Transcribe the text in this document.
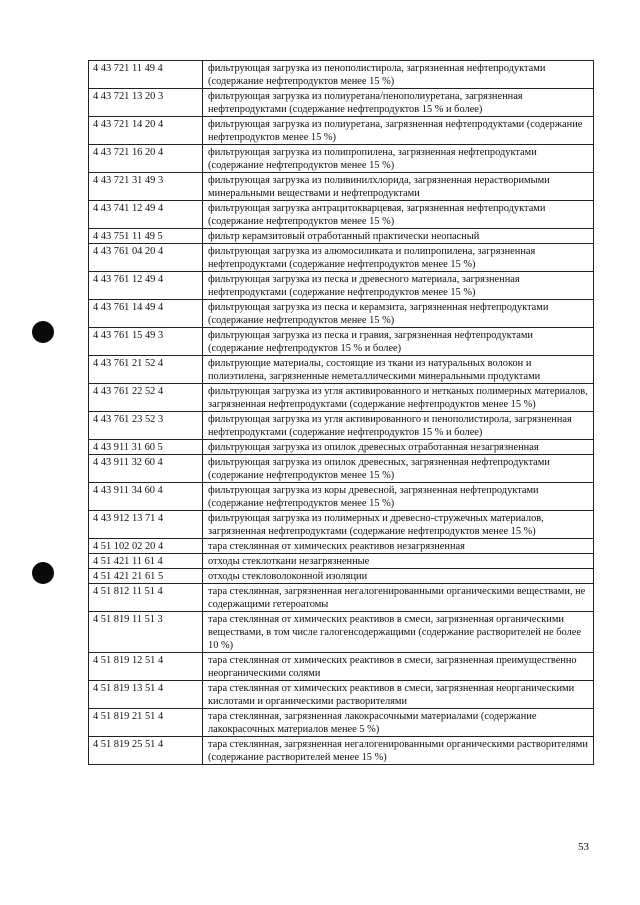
4 43 721 11 49 4	фильтрующая загрузка из пенополистирола, загрязненная нефтепродуктами (содержание нефтепродуктов менее 15 %)
4 43 721 13 20 3	фильтрующая загрузка из полиуретана/пенополиуретана, загрязненная нефтепродуктами (содержание нефтепродуктов 15 % и более)
4 43 721 14 20 4	фильтрующая загрузка из полиуретана, загрязненная нефтепродуктами (содержание нефтепродуктов менее 15 %)
4 43 721 16 20 4	фильтрующая загрузка из полипропилена, загрязненная нефтепродуктами (содержание нефтепродуктов менее 15 %)
4 43 721 31 49 3	фильтрующая загрузка из поливинилхлорида, загрязненная нерастворимыми минеральными веществами и нефтепродуктами
4 43 741 12 49 4	фильтрующая загрузка антрацитокварцевая, загрязненная нефтепродуктами (содержание нефтепродуктов менее 15 %)
4 43 751 11 49 5	фильтр керамзитовый отработанный практически неопасный
4 43 761 04 20 4	фильтрующая загрузка из алюмосиликата и полипропилена, загрязненная нефтепродуктами (содержание нефтепродуктов менее 15 %)
4 43 761 12 49 4	фильтрующая загрузка из песка и древесного материала, загрязненная нефтепродуктами (содержание нефтепродуктов менее 15 %)
4 43 761 14 49 4	фильтрующая загрузка из песка и керамзита, загрязненная нефтепродуктами (содержание нефтепродуктов менее 15 %)
4 43 761 15 49 3	фильтрующая загрузка из песка и гравия, загрязненная нефтепродуктами (содержание нефтепродуктов 15 % и более)
4 43 761 21 52 4	фильтрующие материалы, состоящие из ткани из натуральных волокон и полиэтилена, загрязненные неметаллическими минеральными продуктами
4 43 761 22 52 4	фильтрующая загрузка из угля активированного и нетканых полимерных материалов, загрязненная нефтепродуктами (содержание нефтепродуктов менее 15 %)
4 43 761 23 52 3	фильтрующая загрузка из угля активированного и пенополистирола, загрязненная нефтепродуктами (содержание нефтепродуктов 15 % и более)
4 43 911 31 60 5	фильтрующая загрузка из опилок древесных отработанная незагрязненная
4 43 911 32 60 4	фильтрующая загрузка из опилок древесных, загрязненная нефтепродуктами (содержание нефтепродуктов менее 15 %)
4 43 911 34 60 4	фильтрующая загрузка из коры древесной, загрязненная нефтепродуктами (содержание нефтепродуктов менее 15 %)
4 43 912 13 71 4	фильтрующая загрузка из полимерных и древесно-стружечных материалов, загрязненная нефтепродуктами (содержание нефтепродуктов менее 15 %)
4 51 102 02 20 4	тара стеклянная от химических реактивов незагрязненная
4 51 421 11 61 4	отходы стеклоткани незагрязненные
4 51 421 21 61 5	отходы стекловолоконной изоляции
4 51 812 11 51 4	тара стеклянная, загрязненная негалогенированными органическими веществами, не содержащими гетероатомы
4 51 819 11 51 3	тара стеклянная от химических реактивов в смеси, загрязненная органическими веществами, в том числе галогенсодержащими (содержание растворителей не более 10 %)
4 51 819 12 51 4	тара стеклянная от химических реактивов в смеси, загрязненная преимущественно неорганическими солями
4 51 819 13 51 4	тара стеклянная от химических реактивов в смеси, загрязненная неорганическими кислотами и органическими растворителями
4 51 819 21 51 4	тара стеклянная, загрязненная лакокрасочными материалами (содержание лакокрасочных материалов менее 5 %)
4 51 819 25 51 4	тара стеклянная, загрязненная негалогенированными органическими растворителями (содержание растворителей менее 15 %)
53
